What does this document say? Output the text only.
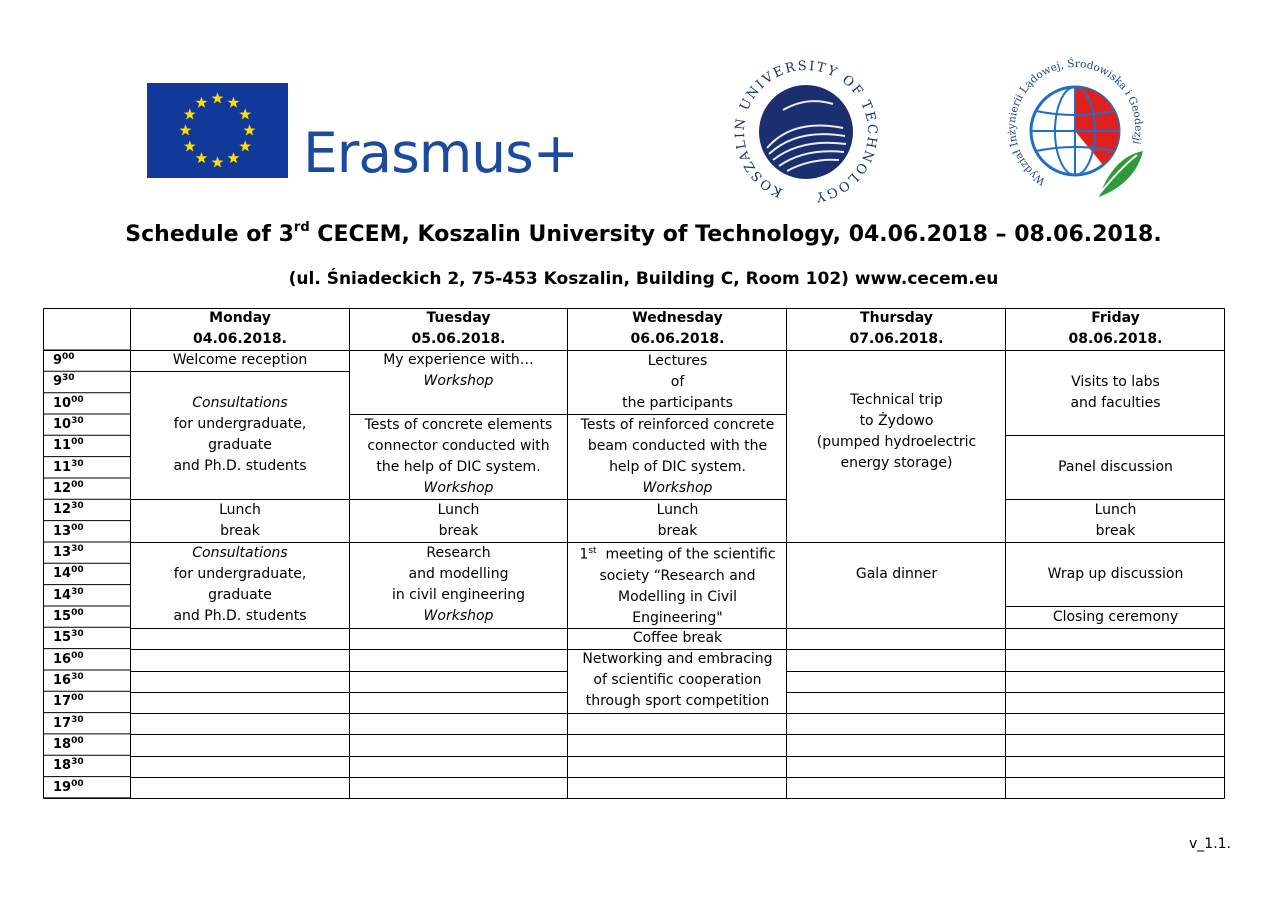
Erasmus+
KOSZALIN UNIVERSITY OF TECHNOLOGY
Wydział Inżynierii Lądowej, Środowiska i Geodezji
Schedule of 3rd CECEM, Koszalin University of Technology, 04.06.2018 – 08.06.2018.
(ul. Śniadeckich 2, 75-453 Koszalin, Building C, Room 102) www.cecem.eu
Monday
04.06.2018.
Tuesday
05.06.2018.
Wednesday
06.06.2018.
Thursday
07.06.2018.
Friday
08.06.2018.
$9^{00}$
$9^{30}$
$10^{00}$
$10^{30}$
$11^{00}$
$11^{30}$
$12^{00}$
$12^{30}$
$13^{00}$
$13^{30}$
$14^{00}$
$14^{30}$
$15^{00}$
$15^{30}$
$16^{00}$
$16^{30}$
$17^{00}$
$17^{30}$
$18^{00}$
$18^{30}$
$19^{00}$
Welcome reception
Consultations
for undergraduate,
graduate
and Ph.D. students
Lunch
break
Consultations
for undergraduate,
graduate
and Ph.D. students
My experience with…
Workshop
Tests of concrete elements
connector conducted with
the help of DIC system.
Workshop
Lunch
break
Research
and modelling
in civil engineering
Workshop
Lectures
of
the participants
Tests of reinforced concrete
beam conducted with the
help of DIC system.
Workshop
Lunch
break
1st  meeting of the scientific
society “Research and
Modelling in Civil
Engineering"
Coffee break
Networking and embracing
of scientific cooperation
through sport competition
Technical trip
to Żydowo
(pumped hydroelectric
energy storage)
Gala dinner
Visits to labs
and faculties
Panel discussion
Lunch
break
Wrap up discussion
Closing ceremony
v_1.1.
